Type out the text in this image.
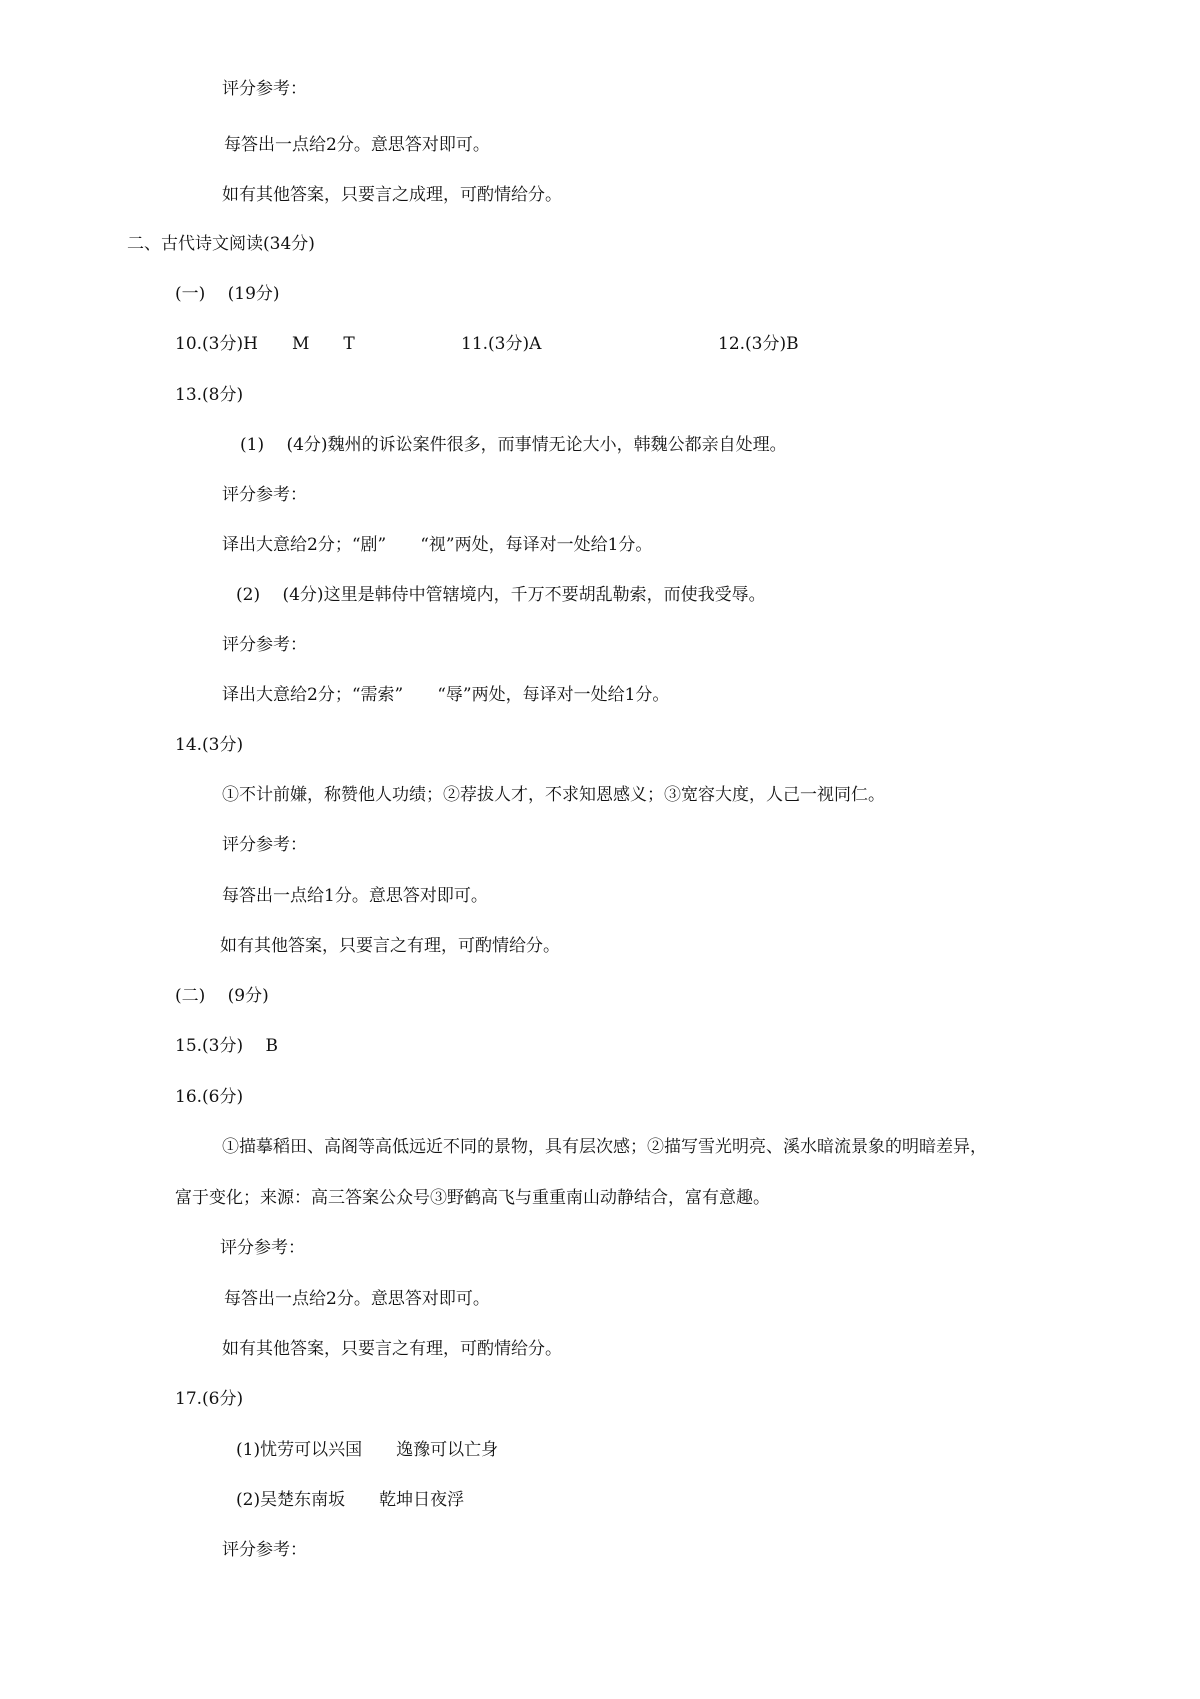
评分参考：
每答出一点给2分。意思答对即可。
如有其他答案，只要言之成理，可酌情给分。
二、古代诗文阅读(34分)
(一)　 (19分)
10.(3分)H　　M　　T	11.(3分)A	12.(3分)B
13.(8分)
(1)　 (4分)魏州的诉讼案件很多，而事情无论大小，韩魏公都亲自处理。
评分参考：
译出大意给2分；“剧”　　“视”两处，每译对一处给1分。
(2)　 (4分)这里是韩侍中管辖境内，千万不要胡乱勒索，而使我受辱。
评分参考：
译出大意给2分；“需索”　　“辱”两处，每译对一处给1分。
14.(3分)
①不计前嫌，称赞他人功绩；②荐拔人才，不求知恩感义；③宽容大度，人己一视同仁。
评分参考：
每答出一点给1分。意思答对即可。
如有其他答案，只要言之有理，可酌情给分。
(二)　 (9分)
15.(3分)　 B
16.(6分)
①描摹稻田、高阁等高低远近不同的景物，具有层次感；②描写雪光明亮、溪水暗流景象的明暗差异，
富于变化；来源：高三答案公众号③野鹤高飞与重重南山动静结合，富有意趣。
评分参考：
每答出一点给2分。意思答对即可。
如有其他答案，只要言之有理，可酌情给分。
17.(6分)
(1)忧劳可以兴国　　逸豫可以亡身
(2)吴楚东南坂　　乾坤日夜浮
评分参考：
